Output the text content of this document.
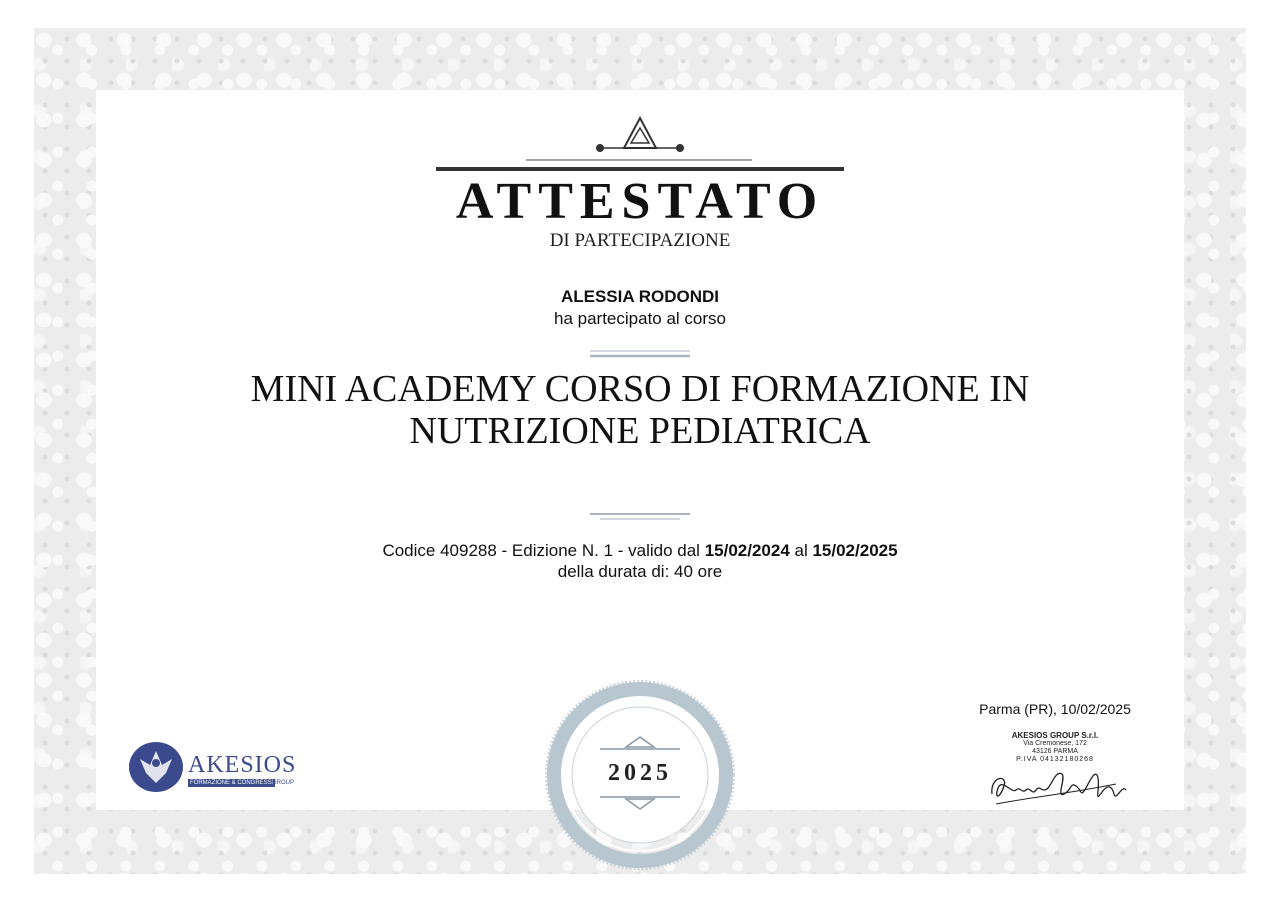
ATTESTATO
DI PARTECIPAZIONE
ALESSIA RODONDI
ha partecipato al corso
MINI ACADEMY CORSO DI FORMAZIONE IN
NUTRIZIONE PEDIATRICA
Codice 409288 - Edizione N. 1 - valido dal 15/02/2024 al 15/02/2025
della durata di: 40 ore
2025
AKESIOS
FORMAZIONE & CONGRESSI
GROUP
Parma (PR), 10/02/2025
AKESIOS GROUP S.r.l.
Via Cremonese, 172
43126 PARMA
P.IVA 04132180268
